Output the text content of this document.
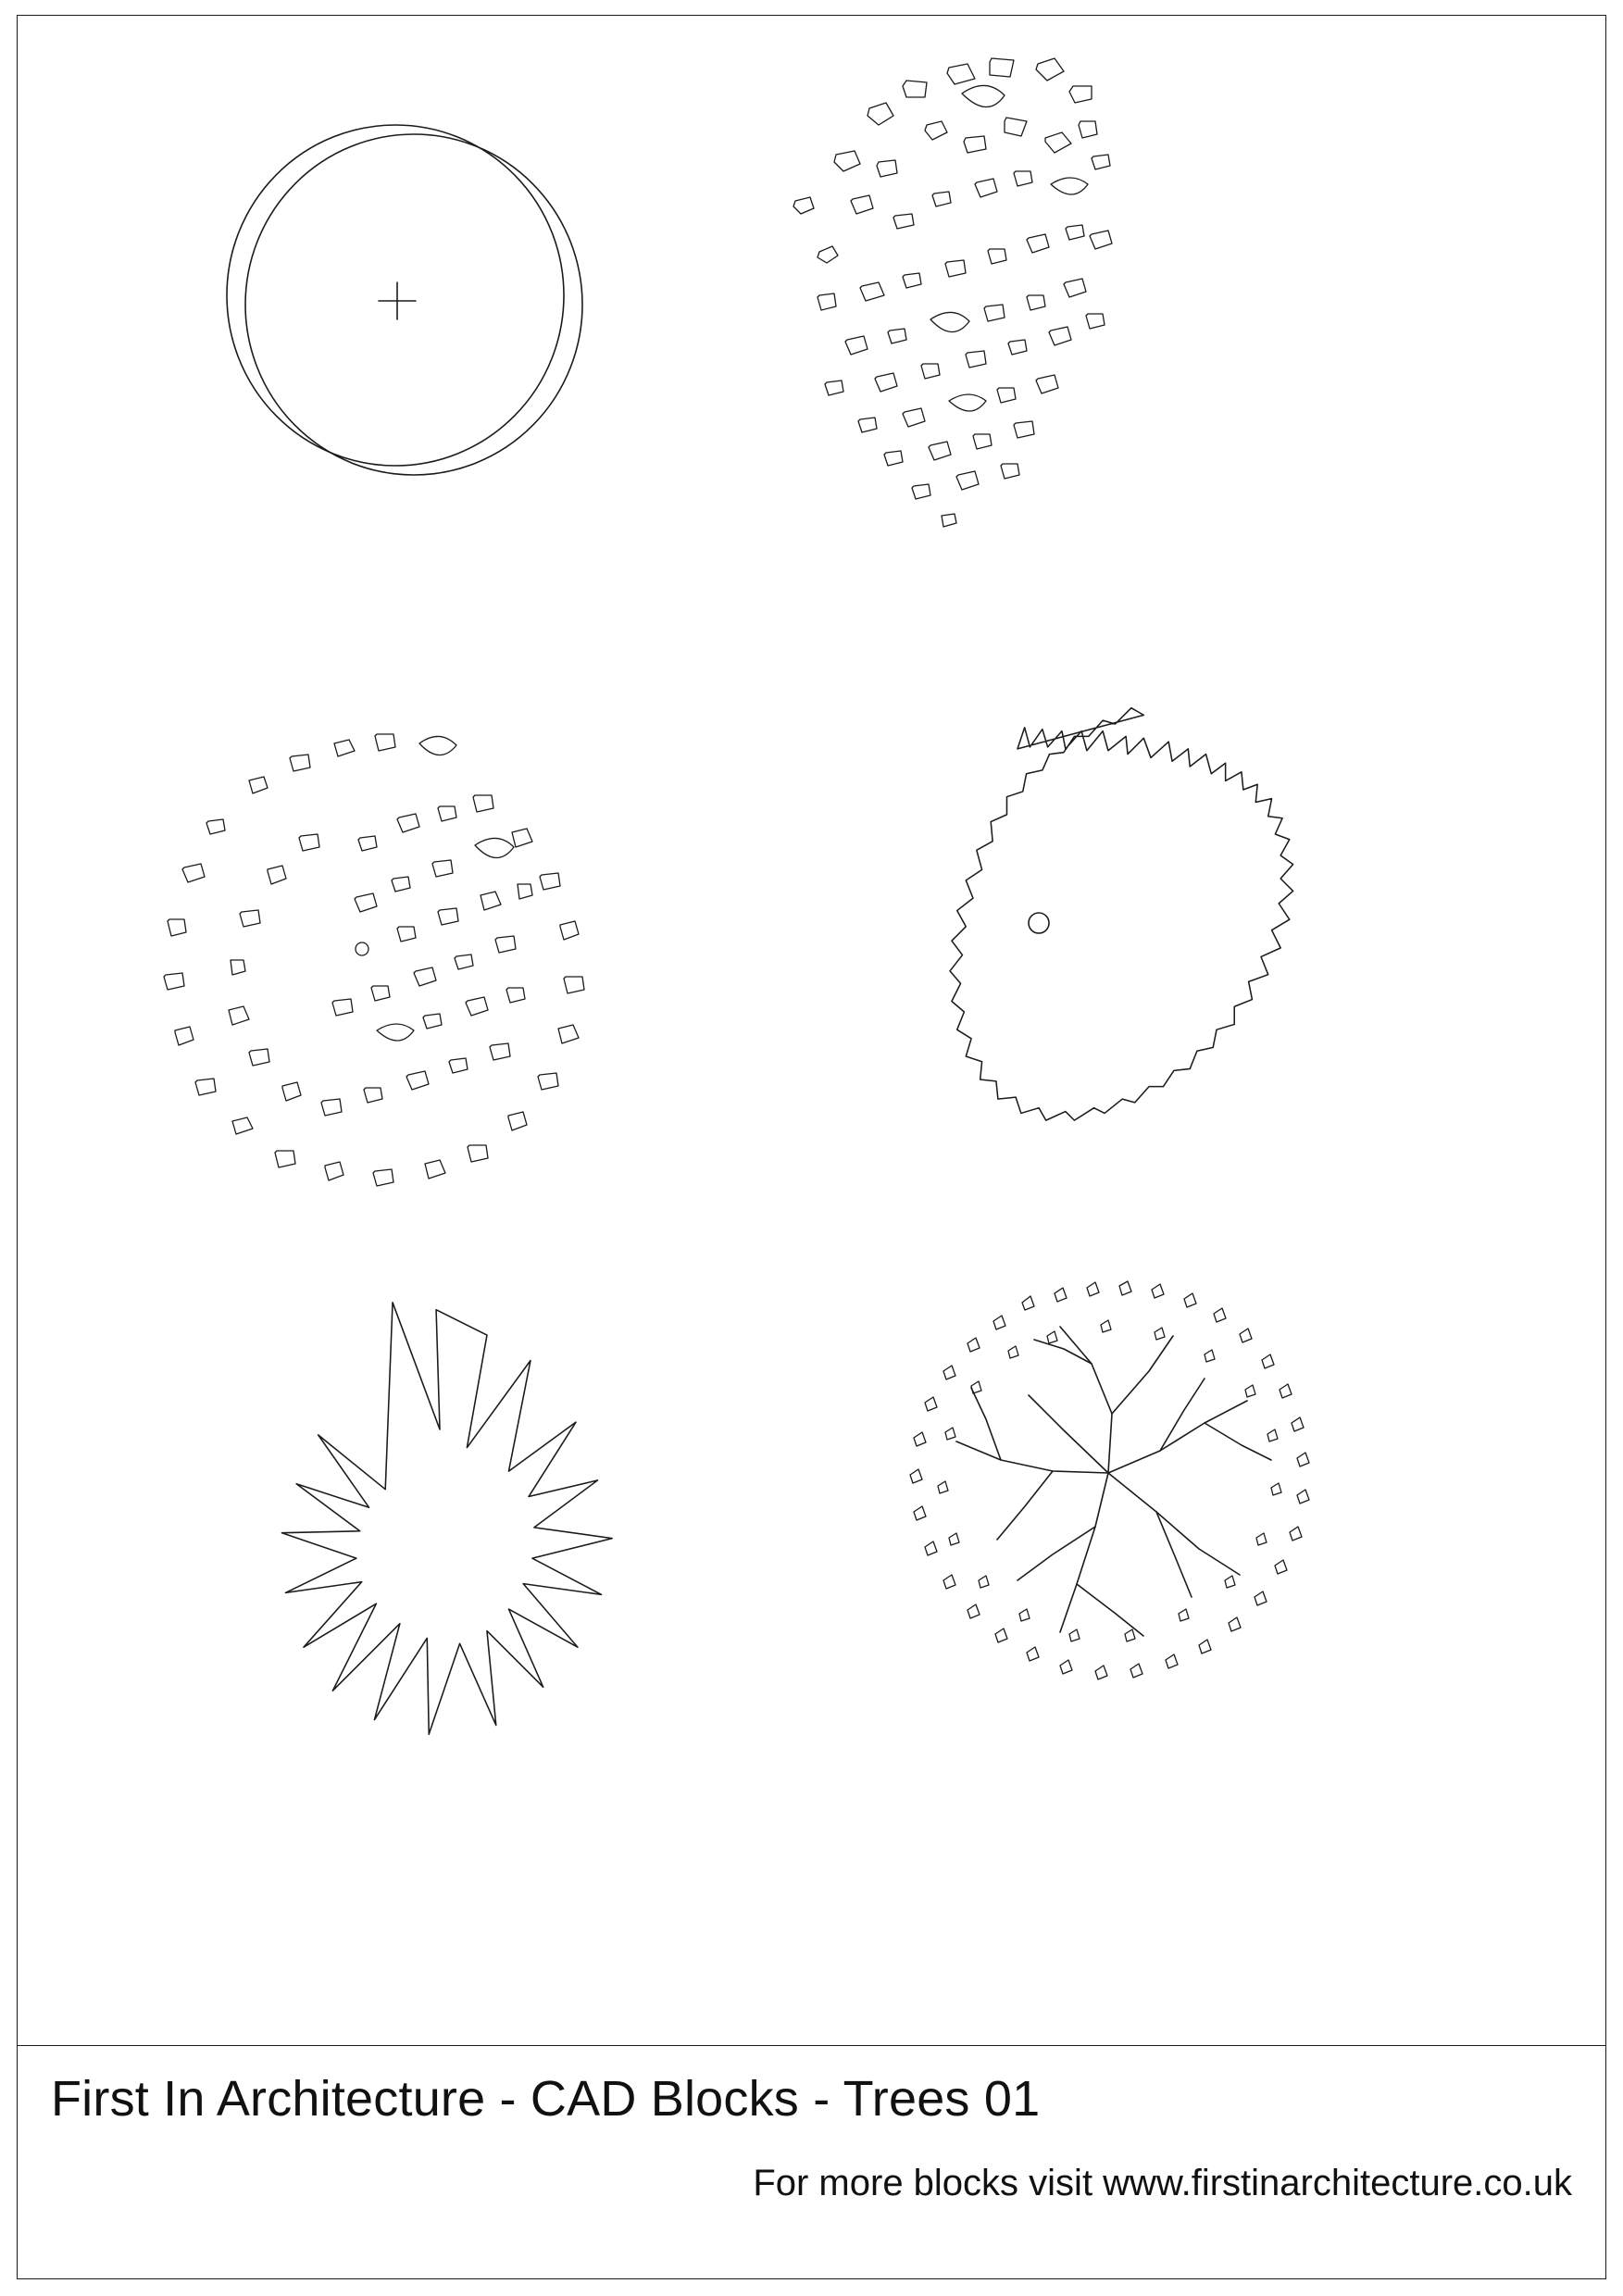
First In Architecture - CAD Blocks - Trees 01
For more blocks visit www.firstinarchitecture.co.uk
